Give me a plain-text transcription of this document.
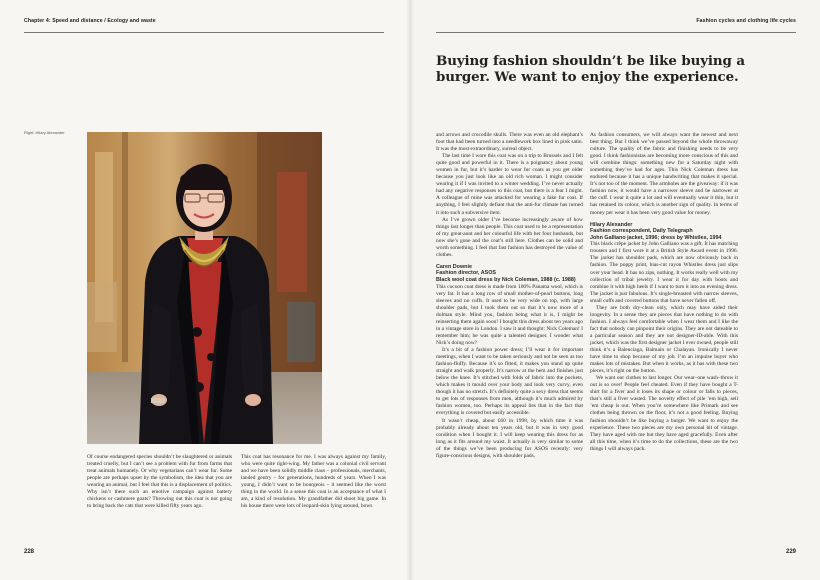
Chapter 4: Speed and distance / Ecology and waste
Right: Hilary Alexander

Of course endangered species shouldn’t be slaughtered or animals treated cruelly, but I can’t see a problem with fur from farms that treat animals humanely. Or why vegetarians can’t wear fur. Some people are perhaps upset by the symbolism, the idea that you are wearing an animal, but I feel that this is a displacement of politics. Why isn’t there such an emotive campaign against battery chickens or cashmere goats? Throwing out this coat is not going to bring back the cats that were killed fifty years ago.

This coat has resonance for me. I was always against my family, who were quite right-wing. My father was a colonial civil servant and we have been solidly middle class – professionals, merchants, landed gentry – for generations, hundreds of years. When I was young, I didn’t want to be bourgeois – it seemed like the worst thing in the world. In a sense this coat is an acceptance of what I am, a kind of resolution. My grandfather did shoot big game. In his house there were lots of leopard-skin lying around, bows

228
Fashion cycles and clothing life cycles
229
Buying fashion shouldn’t be like buying a burger. We want to enjoy the experience.

and arrows and crocodile skulls. There was even an old elephant’s foot that had been turned into a needlework box lined in pink satin. It was the most extraordinary, surreal object.

The last time I wore this coat was on a trip to Brussels and I felt quite good and powerful in it. There is a poignancy about young women in fur, but it’s harder to wear fur coats as you get older because you just look like an old rich woman. I might consider wearing it if I was invited to a winter wedding. I’ve never actually had any negative responses to this coat, but there is a fear I might. A colleague of mine was attacked for wearing a fake fur coat. If anything, I feel slightly defiant that the anti-fur climate has turned it into such a subversive item.

As I’ve grown older I’ve become increasingly aware of how things last longer than people. This coat used to be a representation of my great-aunt and her colourful life with her four husbands, but now she’s gone and the coat’s still here. Clothes can be solid and worth something. I feel that fast fashion has destroyed the value of clothes.

Caren Downie
Fashion director, ASOS
Black wool coat dress by Nick Coleman, 1988 (c. 1988)

This cocoon coat dress is made from 100% Panama wool, which is very fat. It has a long row of small mother-of-pearl buttons, long sleeves and no cuffs. It used to be very wide on top, with large shoulder pads, but I took them out so that it’s now more of a dolman style. Mind you, fashion being what it is, I might be reinserting them again soon! I bought this dress about ten years ago in a vintage store in London. I saw it and thought: Nick Coleman! I remember him; he was quite a talented designer. I wonder what Nick’s doing now?

It’s a bit of a fashion power dress; I’ll wear it for important meetings, when I want to be taken seriously and not be seen as too fashion-fluffy. Because it’s so fitted, it makes you stand up quite straight and walk properly. It’s narrow at the hem and finishes just below the knee. It’s stitched with folds of fabric into the pockets, which makes it mould over your body and look very curvy, even though it has no stretch. It’s definitely quite a sexy dress that seems to get lots of responses from men, although it’s much admired by fashion women, too. Perhaps its appeal lies that in the fact that everything is covered but easily accessible.

It wasn’t cheap, about £60 in 1998, by which time it was probably already about ten years old, but it was in very good condition when I bought it. I will keep wearing this dress for as long as it fits around my waist. It actually is very similar to some of the things we’ve been producing for ASOS recently: very figure-conscious designs, with shoulder pads.

As fashion consumers, we will always want the newest and next best thing. But I think we’ve passed beyond the whole throwaway culture. The quality of the fabric and finishing needs to be very good. I think fashionistas are becoming more conscious of this and will combine things: something new for a Saturday night with something they’ve had for ages. This Nick Coleman dress has endured because it has a unique handwriting that makes it special. It’s not too of the moment. The armholes are the giveaway: if it was fashion now, it would have a narrower sleeve and be narrower at the cuff. I wear it quite a lot and will eventually wear it thin, but it has retained its colour, which is another sign of quality. In terms of money per wear it has been very good value for money.

Hilary Alexander
Fashion correspondent, Daily Telegraph
John Galliano jacket, 1996; dress by Whistles, 1994

This black crêpe jacket by John Galliano was a gift. It has matching trousers and I first wore it at a British Style Award event in 1996. The jacket has shoulder pads, which are now obviously back in fashion. The poppy print, bias-cut rayon Whistles dress just slips over your head. It has no zips, nothing. It works really well with my collection of tribal jewelry. I wear it for day with boots and combine it with high heels if I want to turn it into an evening dress. The jacket is just fabulous. It’s single-breasted with narrow sleeves, small cuffs and covered buttons that have never fallen off.

They are both dry-clean only, which may have aided their longevity. In a sense they are pieces that have nothing to do with fashion. I always feel comfortable when I wear them and I like the fact that nobody can pinpoint their origins. They are not dateable to a particular season and they are not designer-ID-able. With this jacket, which was the first designer jacket I ever owned, people still think it’s a Balenciaga, Balmain or Chalayan. Ironically I never have time to shop because of my job. I’m an impulse buyer who makes lots of mistakes. But when it works, as it has with these two pieces, it’s right on the button.

We want our clothes to last longer. Our wear–one wash–throw it out is so over! People feel cheated. Even if they have bought a T-shirt for a fiver and it loses its shape or colour or falls to pieces, that’s still a fiver wasted. The novelty effect of pile ’em high, sell ’em cheap is out. When you’re somewhere like Primark and see clothes being thrown on the floor, it’s not a good feeling. Buying fashion shouldn’t be like buying a burger. We want to enjoy the experience. These two pieces are my own personal bit of vintage. They have aged with me but they have aged gracefully. Even after all this time, when it’s time to do the collections, these are the two things I will always pack.
